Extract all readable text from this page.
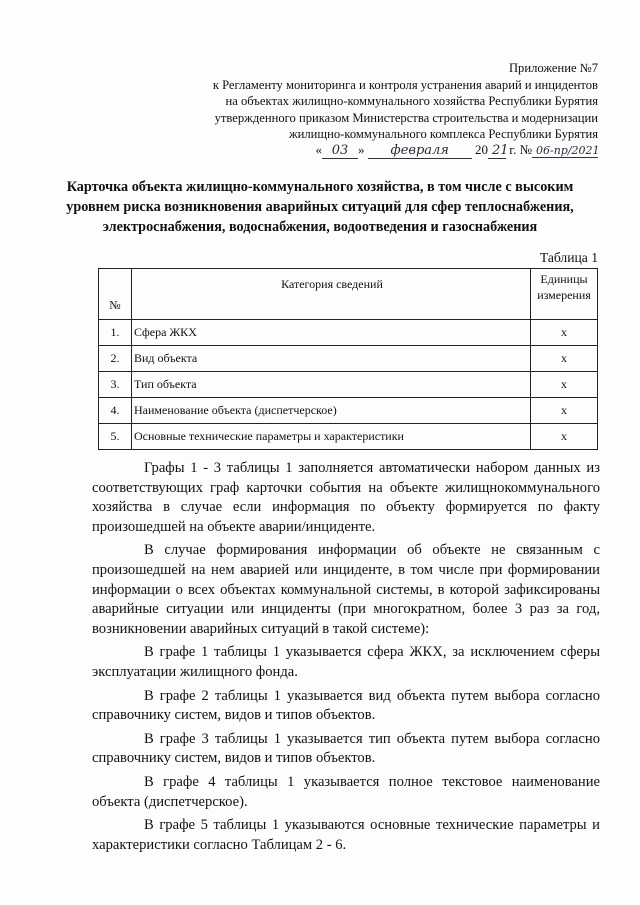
Приложение №7
к Регламенту мониторинга и контроля устранения аварий и инцидентов
на объектах жилищно-коммунального хозяйства Республики Бурятия
утвержденного приказом Министерства строительства и модернизации
жилищно-коммунального комплекса Республики Бурятия
« 03 » февраля 20 21 г. № 06-пр/2021
Карточка объекта жилищно-коммунального хозяйства, в том числе с высоким уровнем риска возникновения аварийных ситуаций для сфер теплоснабжения, электроснабжения, водоснабжения, водоотведения и газоснабжения
Таблица 1
№	Категория сведений	Единицы измерения
1.	Сфера ЖКХ	х
2.	Вид объекта	х
3.	Тип объекта	х
4.	Наименование объекта (диспетчерское)	х
5.	Основные технические параметры и характеристики	х

Графы 1 - 3 таблицы 1 заполняется автоматически набором данных из соответствующих граф карточки события на объекте жилищнокоммунального хозяйства в случае если информация по объекту формируется по факту произошедшей на объекте аварии/инциденте.

В случае формирования информации об объекте не связанным с произошедшей на нем аварией или инциденте, в том числе при формировании информации о всех объектах коммунальной системы, в которой зафиксированы аварийные ситуации или инциденты (при многократном, более 3 раз за год, возникновении аварийных ситуаций в такой системе):

В графе 1 таблицы 1 указывается сфера ЖКХ, за исключением сферы эксплуатации жилищного фонда.

В графе 2 таблицы 1 указывается вид объекта путем выбора согласно справочнику систем, видов и типов объектов.

В графе 3 таблицы 1 указывается тип объекта путем выбора согласно справочнику систем, видов и типов объектов.

В графе 4 таблицы 1 указывается полное текстовое наименование объекта (диспетчерское).

В графе 5 таблицы 1 указываются основные технические параметры и характеристики согласно Таблицам 2 - 6.
